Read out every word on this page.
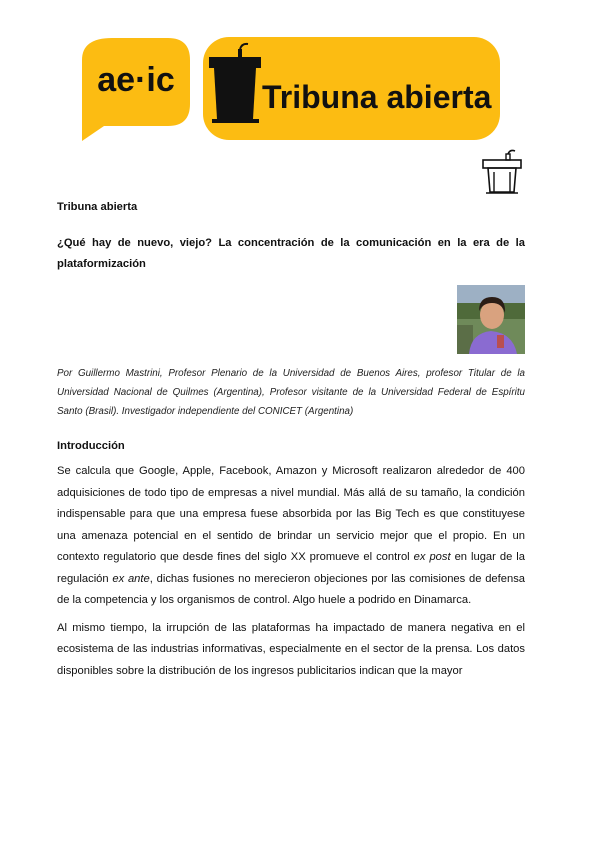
ae·ic	Tribuna abierta

Tribuna abierta

¿Qué hay de nuevo, viejo? La concentración de la comunicación en la era de la plataformización

Por Guillermo Mastrini, Profesor Plenario de la Universidad de Buenos Aires, profesor Titular de la Universidad Nacional de Quilmes (Argentina), Profesor visitante de la Universidad Federal de Espíritu Santo (Brasil). Investigador independiente del CONICET (Argentina)

Introducción

Se calcula que Google, Apple, Facebook, Amazon y Microsoft realizaron alrededor de 400 adquisiciones de todo tipo de empresas a nivel mundial. Más allá de su tamaño, la condición indispensable para que una empresa fuese absorbida por las Big Tech es que constituyese una amenaza potencial en el sentido de brindar un servicio mejor que el propio. En un contexto regulatorio que desde fines del siglo XX promueve el control ex post en lugar de la regulación ex ante, dichas fusiones no merecieron objeciones por las comisiones de defensa de la competencia y los organismos de control. Algo huele a podrido en Dinamarca.

Al mismo tiempo, la irrupción de las plataformas ha impactado de manera negativa en el ecosistema de las industrias informativas, especialmente en el sector de la prensa. Los datos disponibles sobre la distribución de los ingresos publicitarios indican que la mayor
